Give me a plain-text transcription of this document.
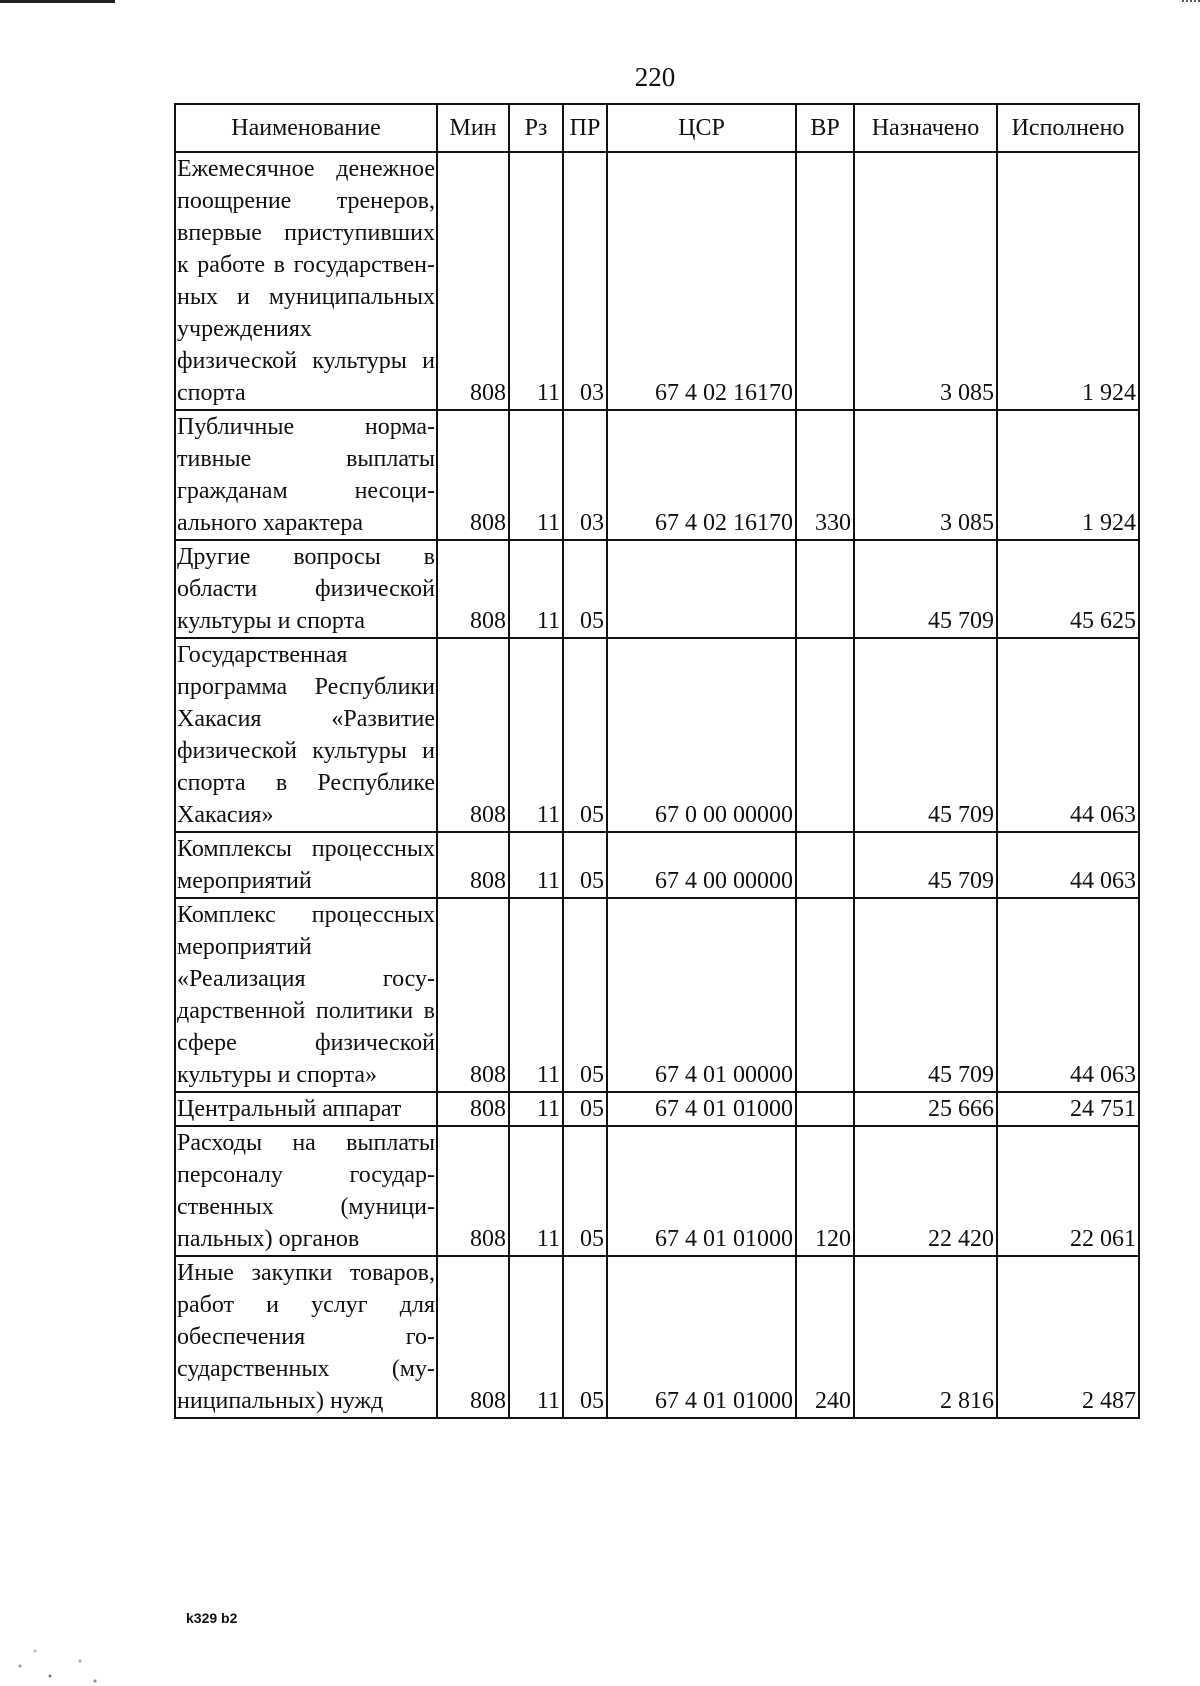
220
Наименование	Мин	Рз	ПР	ЦСР	ВР	Назначено	Исполнено
Ежемесячное денежное поощрение тренеров, впервые приступивших к работе в государственных и муниципальных учреждениях физической культуры и спорта	808	11	03	67 4 02 16170		3 085	1 924
Публичные нормативные выплаты гражданам несоциального характера	808	11	03	67 4 02 16170	330	3 085	1 924
Другие вопросы в области физической культуры и спорта	808	11	05			45 709	45 625
Государственная программа Республики Хакасия «Развитие физической культуры и спорта в Республике Хакасия»	808	11	05	67 0 00 00000		45 709	44 063
Комплексы процессных мероприятий	808	11	05	67 4 00 00000		45 709	44 063
Комплекс процессных мероприятий «Реализация государственной политики в сфере физической культуры и спорта»	808	11	05	67 4 01 00000		45 709	44 063
Центральный аппарат	808	11	05	67 4 01 01000		25 666	24 751
Расходы на выплаты персоналу государственных (муниципальных) органов	808	11	05	67 4 01 01000	120	22 420	22 061
Иные закупки товаров, работ и услуг для обеспечения государственных (муниципальных) нужд	808	11	05	67 4 01 01000	240	2 816	2 487
k329 b2
